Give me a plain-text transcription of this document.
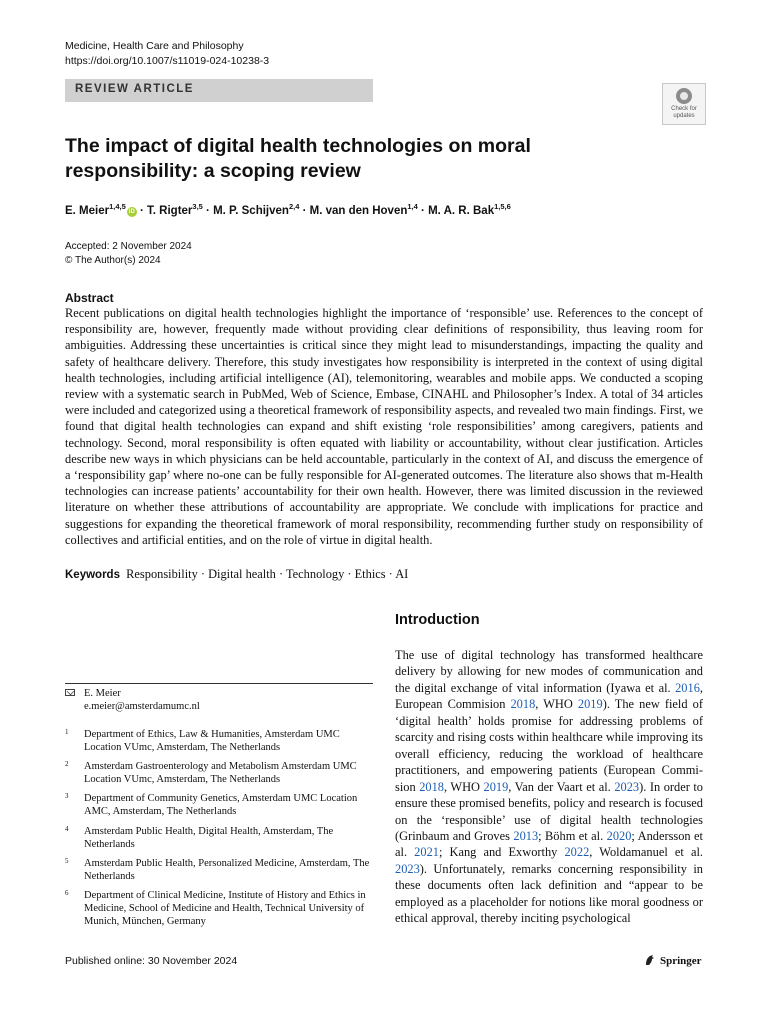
Medicine, Health Care and Philosophy
https://doi.org/10.1007/s11019-024-10238-3
REVIEW ARTICLE
Check for updates
The impact of digital health technologies on moral responsibility: a scoping review
E. Meier$^{1,4,5}$iD · T. Rigter$^{3,5}$ · M. P. Schijven$^{2,4}$ · M. van den Hoven$^{1,4}$ · M. A. R. Bak$^{1,5,6}$
Accepted: 2 November 2024
© The Author(s) 2024
Abstract
Recent publications on digital health technologies highlight the importance of ‘responsible’ use. References to the concept of responsibility are, however, frequently made without providing clear definitions of responsibility, thus leaving room for ambiguities. Addressing these uncertainties is critical since they might lead to misunderstandings, impacting the quality and safety of healthcare delivery. Therefore, this study investigates how responsibility is interpreted in the context of using digital health technologies, including artificial intelligence (AI), telemonitoring, wearables and mobile apps. We conducted a scoping review with a systematic search in PubMed, Web of Science, Embase, CINAHL and Philosopher’s Index. A total of 34 articles were included and categorized using a theoretical framework of responsibility aspects, and revealed two main findings. First, we found that digital health technologies can expand and shift existing ‘role responsibilities’ among caregivers, patients and technology. Second, moral responsibility is often equated with liability or accountability, without clear justification. Articles describe new ways in which physicians can be held accountable, particularly in the context of AI, and discuss the emergence of a ‘responsibility gap’ where no-one can be fully responsible for AI-generated outcomes. The literature also shows that m-Health technologies can increase patients’ accountability for their own health. However, there was limited discussion in the reviewed literature on whether these attributions of accountability are appropriate. We conclude with implications for practice and suggestions for expanding the theoretical framework of moral responsibility, recommending further study on responsibility of collectives and artificial entities, and on the role of virtue in digital health.
Keywords Responsibility · Digital health · Technology · Ethics · AI
Introduction
The use of digital technology has transformed healthcare delivery by allowing for new modes of communication and the digital exchange of vital information (Iyawa et al. 2016, European Commision 2018, WHO 2019). The new field of ‘digital health’ holds promise for addressing problems of scarcity and rising costs within healthcare while improving its overall efficiency, reducing the workload of healthcare practitioners, and empowering patients (European Commision 2018, WHO 2019, Van der Vaart et al. 2023). In order to ensure these promised benefits, policy and research is focused on the ‘responsible’ use of digital health technologies (Grinbaum and Groves 2013; Böhm et al. 2020; Andersson et al. 2021; Kang and Exworthy 2022, Woldamanuel et al. 2023). Unfortunately, remarks concerning responsibility in these documents often lack definition and “appear to be employed as a placeholder for notions like moral goodness or ethical approval, thereby inciting psychological
E. Meier
e.meier@amsterdamumc.nl
1 Department of Ethics, Law & Humanities, Amsterdam UMC Location VUmc, Amsterdam, The Netherlands
2 Amsterdam Gastroenterology and Metabolism Amsterdam UMC Location VUmc, Amsterdam, The Netherlands
3 Department of Community Genetics, Amsterdam UMC Location AMC, Amsterdam, The Netherlands
4 Amsterdam Public Health, Digital Health, Amsterdam, The Netherlands
5 Amsterdam Public Health, Personalized Medicine, Amsterdam, The Netherlands
6 Department of Clinical Medicine, Institute of History and Ethics in Medicine, School of Medicine and Health, Technical University of Munich, München, Germany
Published online: 30 November 2024	Springer
